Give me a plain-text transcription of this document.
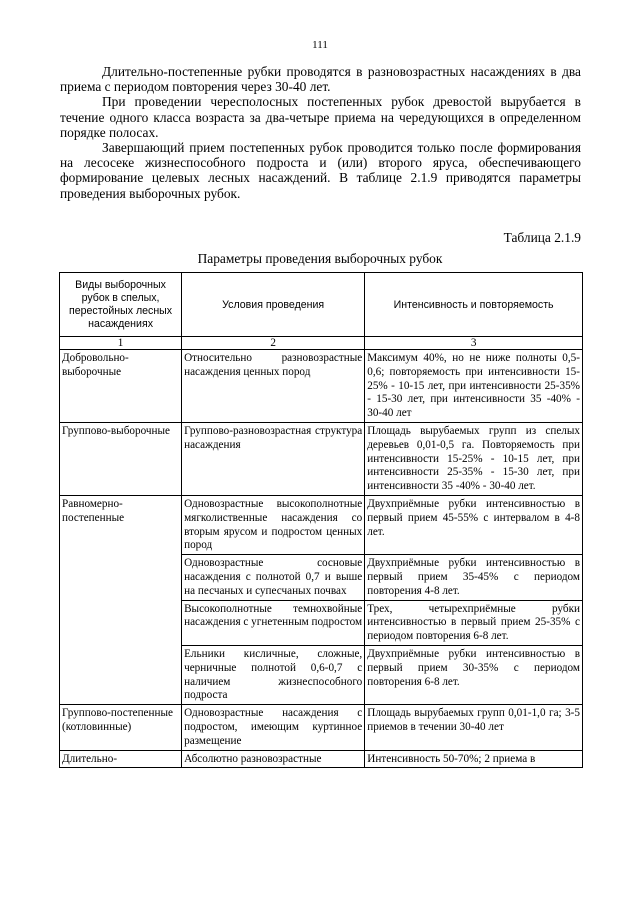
111

Длительно-постепенные рубки проводятся в разновозрастных насаждениях в два приема с периодом повторения через 30-40 лет.

При проведении чересполосных постепенных рубок древостой вырубается в течение одного класса возраста за два-четыре приема на чередующихся в определенном порядке полосах.

Завершающий прием постепенных рубок проводится только после формирования на лесосеке жизнеспособного подроста и (или) второго яруса, обеспечивающего формирование целевых лесных насаждений. В таблице 2.1.9 приводятся параметры проведения выборочных рубок.

Таблица 2.1.9
Параметры проведения выборочных рубок
Виды выборочных рубок в спелых, перестойных лесных насаждениях	Условия проведения	Интенсивность и повторяемость
1	2	3
Добровольно-выборочные	Относительно разновозрастные насаждения ценных пород	Максимум 40%, но не ниже полноты 0,5-0,6; повторяемость при интенсивности 15-25% - 10-15 лет, при интенсивности 25-35% - 15-30 лет, при интенсивности 35 -40% - 30-40 лет
Группово-выборочные	Группово-разновозрастная структура насаждения	Площадь вырубаемых групп из спелых деревьев 0,01-0,5 га. Повторяемость при интенсивности 15-25% - 10-15 лет, при интенсивности 25-35% - 15-30 лет, при интенсивности 35 -40% - 30-40 лет.
Равномерно-постепенные	Одновозрастные высокополнотные мягколиственные насаждения со вторым ярусом и подростом ценных пород	Двухприёмные рубки интенсивностью в первый прием 45-55% с интервалом в 4-8 лет.
	Одновозрастные сосновые насаждения с полнотой 0,7 и выше на песчаных и супесчаных почвах	Двухприёмные рубки интенсивностью в первый прием 35-45% с периодом повторения 4-8 лет.
	Высокополнотные темнохвойные насаждения с угнетенным подростом	Трех, четырехприёмные рубки интенсивностью в первый прием 25-35% с периодом повторения 6-8 лет.
	Ельники кисличные, сложные, черничные полнотой 0,6-0,7 с наличием жизнеспособного подроста	Двухприёмные рубки интенсивностью в первый прием 30-35% с периодом повторения 6-8 лет.
Группово-постепенные (котловинные)	Одновозрастные насаждения с подростом, имеющим куртинное размещение	Площадь вырубаемых групп 0,01-1,0 га; 3-5 приемов в течении 30-40 лет
Длительно-	Абсолютно разновозрастные	Интенсивность 50-70%; 2 приема в
